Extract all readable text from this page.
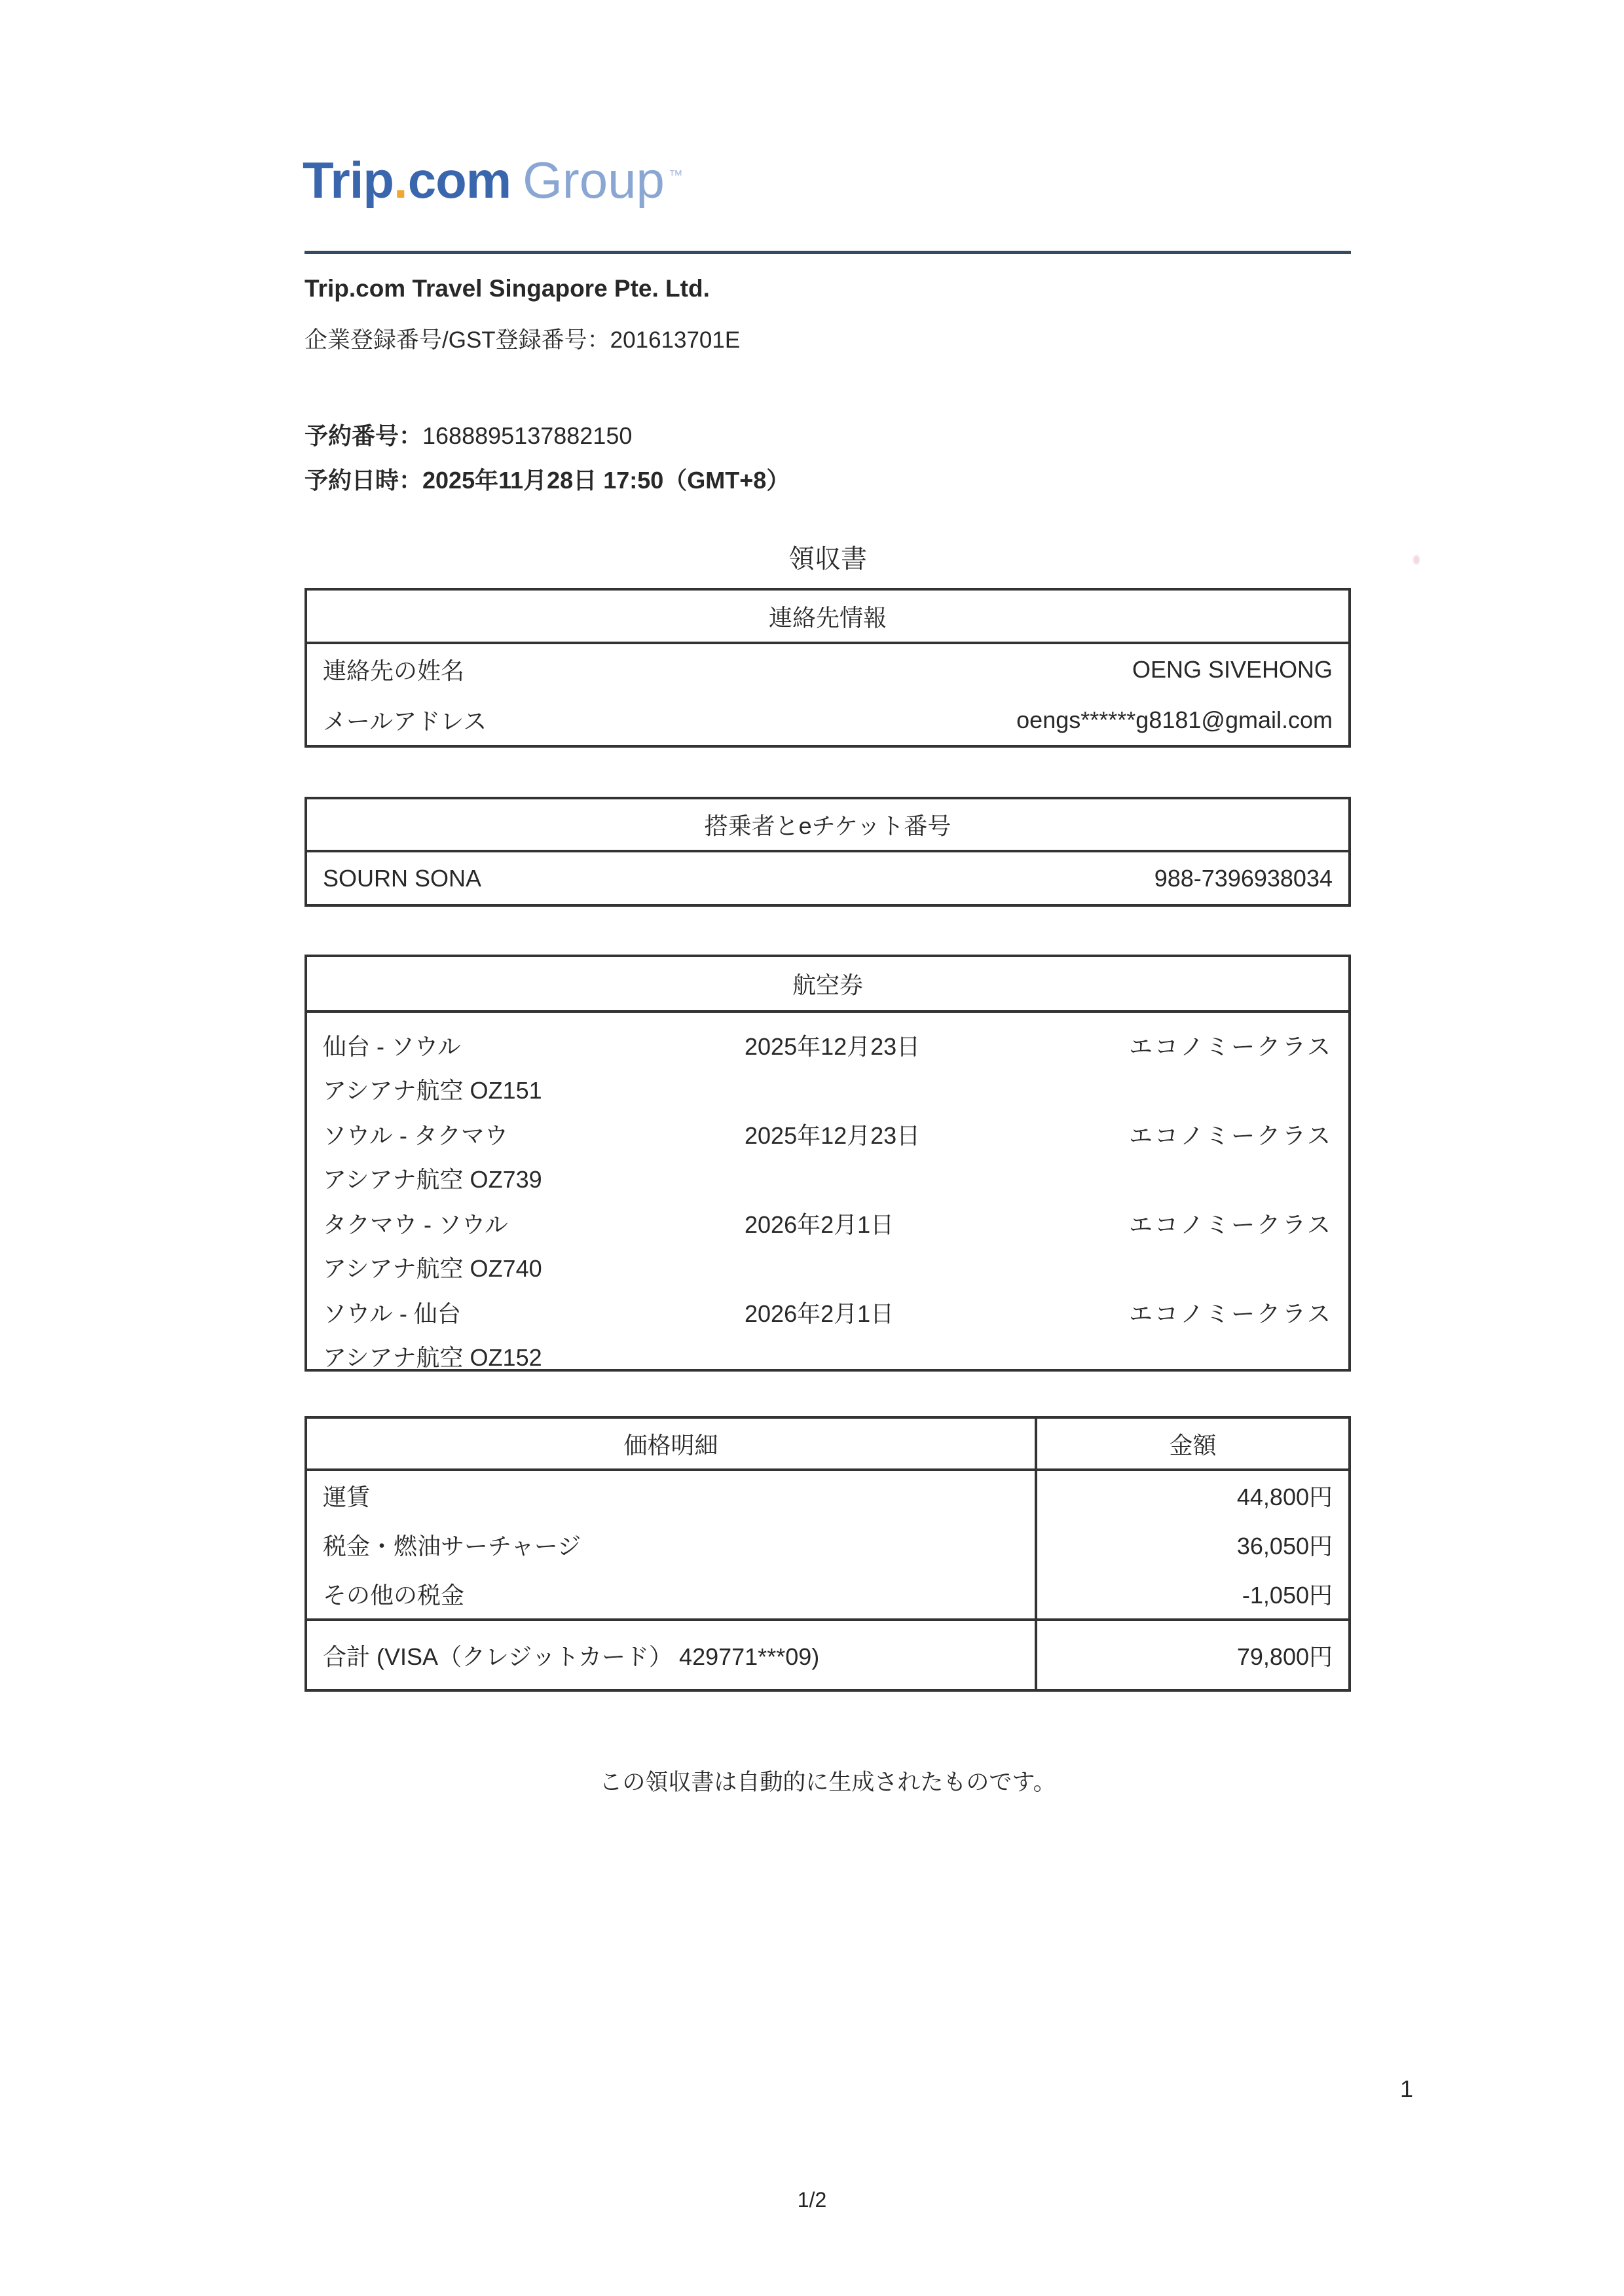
Trip.com Group ™
Trip.com Travel Singapore Pte. Ltd.
企業登録番号/GST登録番号：201613701E
予約番号：1688895137882150
予約日時：2025年11月28日 17:50（GMT+8）
領収書
連絡先情報
連絡先の姓名	OENG SIVEHONG
メールアドレス	oengs******g8181@gmail.com
搭乗者とeチケット番号
SOURN SONA	988-7396938034
航空券
仙台 - ソウル	2025年12月23日	エコノミークラス
アシアナ航空 OZ151
ソウル - タクマウ	2025年12月23日	エコノミークラス
アシアナ航空 OZ739
タクマウ - ソウル	2026年2月1日	エコノミークラス
アシアナ航空 OZ740
ソウル - 仙台	2026年2月1日	エコノミークラス
アシアナ航空 OZ152
価格明細	金額
運賃	44,800円
税金・燃油サーチャージ	36,050円
その他の税金	-1,050円
合計 (VISA（クレジットカード） 429771***09)	79,800円
この領収書は自動的に生成されたものです。
1
1/2
